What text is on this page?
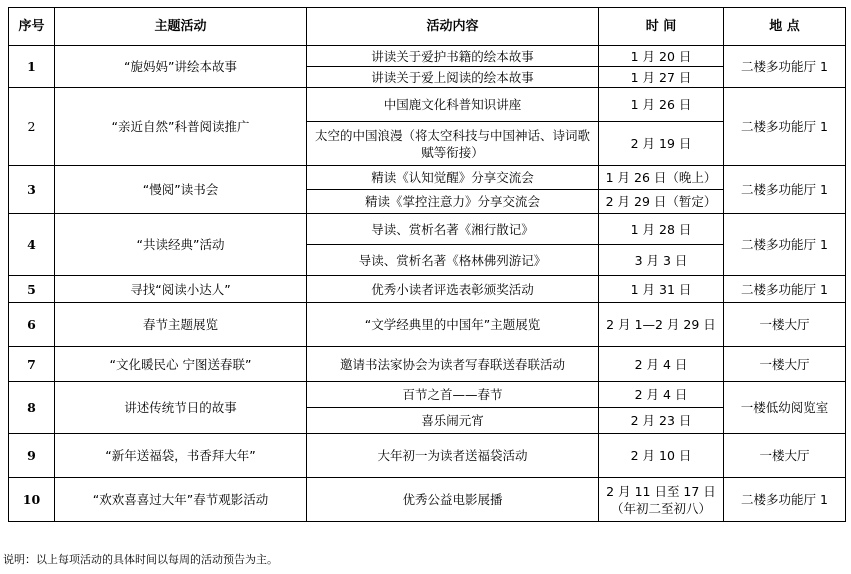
序号	主题活动	活动内容	时 间	地 点
1	“旎妈妈”讲绘本故事	讲读关于爱护书籍的绘本故事	1 月 20 日	二楼多功能厅 1
		讲读关于爱上阅读的绘本故事	1 月 27 日	
2	“亲近自然”科普阅读推广	中国鹿文化科普知识讲座	1 月 26 日	二楼多功能厅 1
		太空的中国浪漫（将太空科技与中国神话、诗词歌赋等衔接）	2 月 19 日	
3	“慢阅”读书会	精读《认知觉醒》分享交流会	1 月 26 日（晚上）	二楼多功能厅 1
		精读《掌控注意力》分享交流会	2 月 29 日（暂定）	
4	“共读经典”活动	导读、赏析名著《湘行散记》	1 月 28 日	二楼多功能厅 1
		导读、赏析名著《格林佛列游记》	3 月 3 日	
5	寻找“阅读小达人”	优秀小读者评选表彰颁奖活动	1 月 31 日	二楼多功能厅 1
6	春节主题展览	“文学经典里的中国年”主题展览	2 月 1—2 月 29 日	一楼大厅
7	“文化暖民心 宁图送春联”	邀请书法家协会为读者写春联送春联活动	2 月 4 日	一楼大厅
8	讲述传统节日的故事	百节之首——春节	2 月 4 日	一楼低幼阅览室
		喜乐闹元宵	2 月 23 日	
9	“新年送福袋，书香拜大年”	大年初一为读者送福袋活动	2 月 10 日	一楼大厅
10	“欢欢喜喜过大年”春节观影活动	优秀公益电影展播	2 月 11 日至 17 日（年初二至初八）	二楼多功能厅 1
说明：以上每项活动的具体时间以每周的活动预告为主。
